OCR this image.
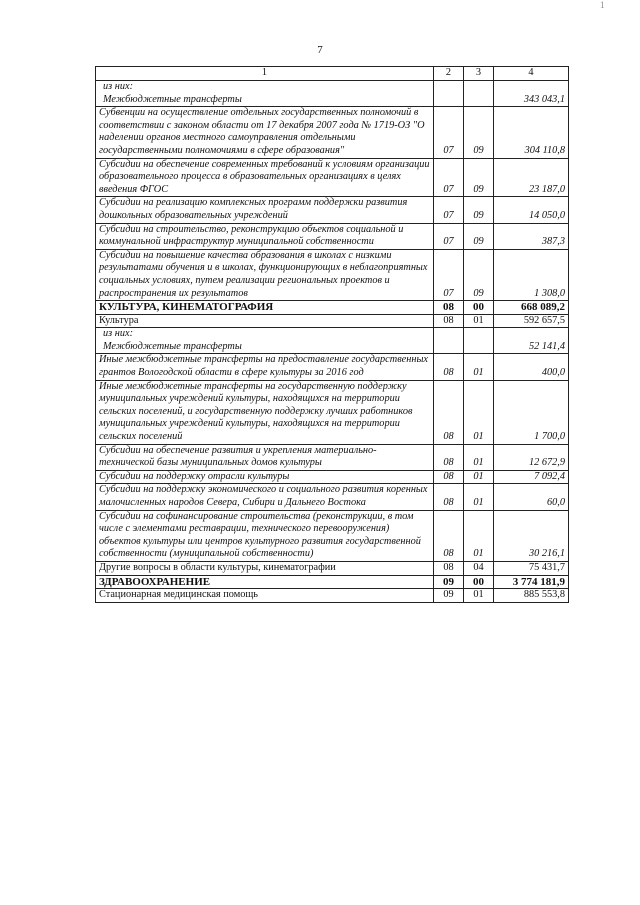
7
1
1	2	3	4

из них:
Межбюджетные трансферты			343 043,1
Субвенции на осуществление отдельных государственных полномочий в соответствии с законом области от 17 декабря 2007 года № 1719-ОЗ "О наделении органов местного самоуправления отдельными государственными полномочиями в сфере образования"	07	09	304 110,8
Субсидии на обеспечение современных требований к условиям организации образовательного процесса в образовательных организациях в целях введения ФГОС	07	09	23 187,0
Субсидии на реализацию комплексных программ поддержки развития дошкольных образовательных учреждений	07	09	14 050,0
Субсидии на строительство, реконструкцию объектов социальной и коммунальной инфраструктур муниципальной собственности	07	09	387,3
Субсидии на повышение качества образования в школах с низкими результатами обучения и в школах, функционирующих в неблагоприятных социальных условиях, путем реализации региональных проектов и распространения их результатов	07	09	1 308,0
КУЛЬТУРА, КИНЕМАТОГРАФИЯ	08	00	668 089,2
Культура	08	01	592 657,5

из них:
Межбюджетные трансферты			52 141,4
Иные межбюджетные трансферты на предоставление государственных грантов Вологодской области в сфере культуры за 2016 год	08	01	400,0
Иные межбюджетные трансферты на государственную поддержку муниципальных учреждений культуры, находящихся на территории сельских поселений, и государственную поддержку лучших работников муниципальных учреждений культуры, находящихся на территории сельских поселений	08	01	1 700,0
Субсидии на обеспечение развития и укрепления материально-технической базы муниципальных домов культуры	08	01	12 672,9
Субсидии на поддержку отрасли культуры	08	01	7 092,4
Субсидии на поддержку экономического и социального развития коренных малочисленных народов Севера, Сибири и Дальнего Востока	08	01	60,0
Субсидии на софинансирование строительства (реконструкции, в том числе с элементами реставрации, технического перевооружения) объектов культуры или центров культурного развития государственной собственности (муниципальной собственности)	08	01	30 216,1
Другие вопросы в области культуры, кинематографии	08	04	75 431,7
ЗДРАВООХРАНЕНИЕ	09	00	3 774 181,9
Стационарная медицинская помощь	09	01	885 553,8
